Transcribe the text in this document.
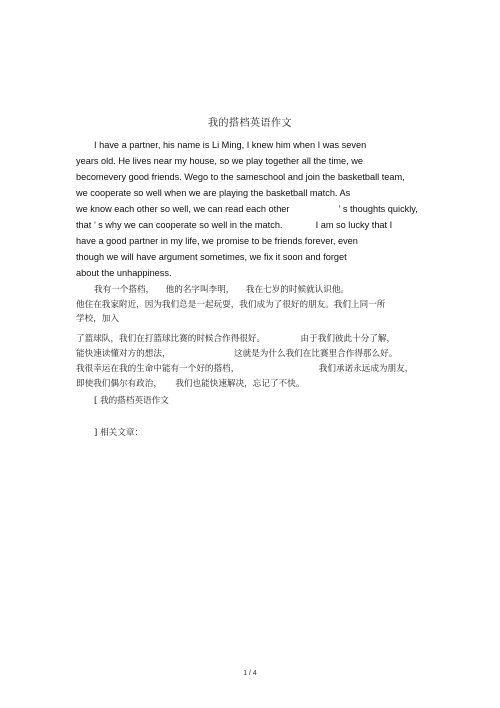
我的搭档英语作文
I have a partner, his name is Li Ming, I knew him when I was seven
years old. He lives near my house, so we play together all the time, we
becomevery good friends. Wego to the sameschool and join the basketball team,
we cooperate so well when we are playing the basketball match. As
we know each other so well, we can read each other	’ s thoughts quickly,
that ’ s why we can cooperate so well in the match.	I am so lucky that I
have a good partner in my life, we promise to be friends forever, even
though we will have argument sometimes, we fix it soon and forget
about the unhappiness.
我有一个搭档， 他的名字叫李明， 我在七岁的时候就认识他。
他住在我家附近，因为我们总是一起玩耍，我们成为了很好的朋友。我们上同一所
学校，加入
了篮球队，我们在打篮球比赛的时候合作得很好。	由于我们彼此十分了解，
能快速读懂对方的想法，	这就是为什么我们在比赛里合作得那么好。
我很幸运在我的生命中能有一个好的搭档，	我们承诺永远成为朋友，
即使我们偶尔有政治， 我们也能快速解决，忘记了不快。
[ 我的搭档英语作文
] 相关文章：
1 / 4
